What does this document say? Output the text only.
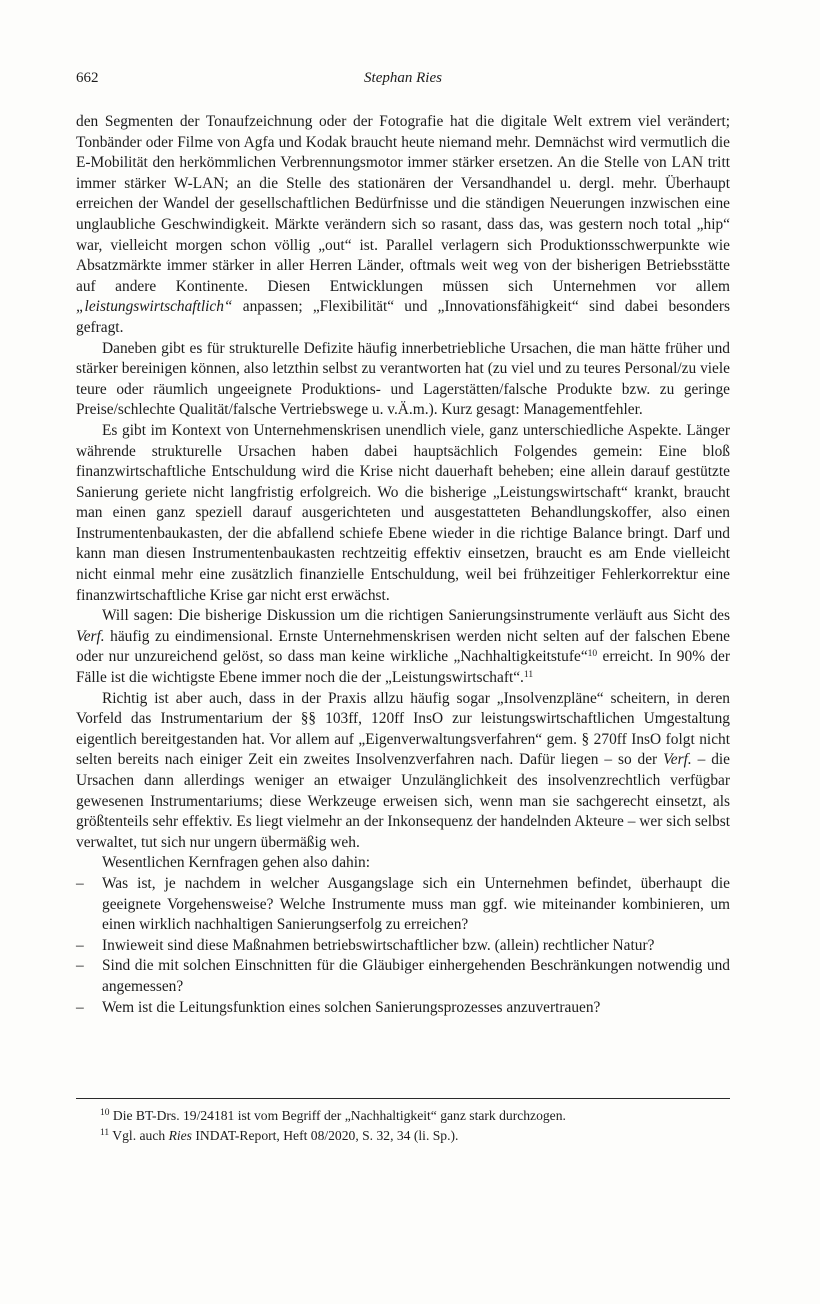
662	Stephan Ries

den Segmenten der Tonaufzeichnung oder der Fotografie hat die digitale Welt extrem viel verändert; Tonbänder oder Filme von Agfa und Kodak braucht heute niemand mehr. Demnächst wird vermutlich die E-Mobilität den herkömmlichen Verbrennungsmotor immer stärker ersetzen. An die Stelle von LAN tritt immer stärker W-LAN; an die Stelle des stationären der Versandhandel u. dergl. mehr. Überhaupt erreichen der Wandel der gesellschaftlichen Bedürfnisse und die ständigen Neuerungen inzwischen eine unglaubliche Geschwindigkeit. Märkte verändern sich so rasant, dass das, was gestern noch total „hip“ war, vielleicht morgen schon völlig „out“ ist. Parallel verlagern sich Produktionsschwerpunkte wie Absatzmärkte immer stärker in aller Herren Länder, oftmals weit weg von der bisherigen Betriebsstätte auf andere Kontinente. Diesen Entwicklungen müssen sich Unternehmen vor allem „leistungswirtschaftlich“ anpassen; „Flexibilität“ und „Innovationsfähigkeit“ sind dabei besonders gefragt.

Daneben gibt es für strukturelle Defizite häufig innerbetriebliche Ursachen, die man hätte früher und stärker bereinigen können, also letzthin selbst zu verantworten hat (zu viel und zu teures Personal/zu viele teure oder räumlich ungeeignete Produktions- und Lagerstätten/falsche Produkte bzw. zu geringe Preise/schlechte Qualität/falsche Vertriebswege u. v.Ä.m.). Kurz gesagt: Managementfehler.

Es gibt im Kontext von Unternehmenskrisen unendlich viele, ganz unterschiedliche Aspekte. Länger währende strukturelle Ursachen haben dabei hauptsächlich Folgendes gemein: Eine bloß finanzwirtschaftliche Entschuldung wird die Krise nicht dauerhaft beheben; eine allein darauf gestützte Sanierung geriete nicht langfristig erfolgreich. Wo die bisherige „Leistungswirtschaft“ krankt, braucht man einen ganz speziell darauf ausgerichteten und ausgestatteten Behandlungskoffer, also einen Instrumentenbaukasten, der die abfallend schiefe Ebene wieder in die richtige Balance bringt. Darf und kann man diesen Instrumentenbaukasten rechtzeitig effektiv einsetzen, braucht es am Ende vielleicht nicht einmal mehr eine zusätzlich finanzielle Entschuldung, weil bei frühzeitiger Fehlerkorrektur eine finanzwirtschaftliche Krise gar nicht erst erwächst.

Will sagen: Die bisherige Diskussion um die richtigen Sanierungsinstrumente verläuft aus Sicht des Verf. häufig zu eindimensional. Ernste Unternehmenskrisen werden nicht selten auf der falschen Ebene oder nur unzureichend gelöst, so dass man keine wirkliche „Nachhaltigkeitstufe“$^{10}$ erreicht. In 90% der Fälle ist die wichtigste Ebene immer noch die der „Leistungswirtschaft“.$^{11}$

Richtig ist aber auch, dass in der Praxis allzu häufig sogar „Insolvenzpläne“ scheitern, in deren Vorfeld das Instrumentarium der §§ 103ff, 120ff InsO zur leistungswirtschaftlichen Umgestaltung eigentlich bereitgestanden hat. Vor allem auf „Eigenverwaltungsverfahren“ gem. § 270ff InsO folgt nicht selten bereits nach einiger Zeit ein zweites Insolvenzverfahren nach. Dafür liegen – so der Verf. – die Ursachen dann allerdings weniger an etwaiger Unzulänglichkeit des insolvenzrechtlich verfügbar gewesenen Instrumentariums; diese Werkzeuge erweisen sich, wenn man sie sachgerecht einsetzt, als größtenteils sehr effektiv. Es liegt vielmehr an der Inkonsequenz der handelnden Akteure – wer sich selbst verwaltet, tut sich nur ungern übermäßig weh.

Wesentlichen Kernfragen gehen also dahin:

– Was ist, je nachdem in welcher Ausgangslage sich ein Unternehmen befindet, überhaupt die geeignete Vorgehensweise? Welche Instrumente muss man ggf. wie miteinander kombinieren, um einen wirklich nachhaltigen Sanierungserfolg zu erreichen?
– Inwieweit sind diese Maßnahmen betriebswirtschaftlicher bzw. (allein) rechtlicher Natur?
– Sind die mit solchen Einschnitten für die Gläubiger einhergehenden Beschränkungen notwendig und angemessen?
– Wem ist die Leitungsfunktion eines solchen Sanierungsprozesses anzuvertrauen?

$^{10}$ Die BT-Drs. 19/24181 ist vom Begriff der „Nachhaltigkeit“ ganz stark durchzogen.

$^{11}$ Vgl. auch Ries INDAT-Report, Heft 08/2020, S. 32, 34 (li. Sp.).
